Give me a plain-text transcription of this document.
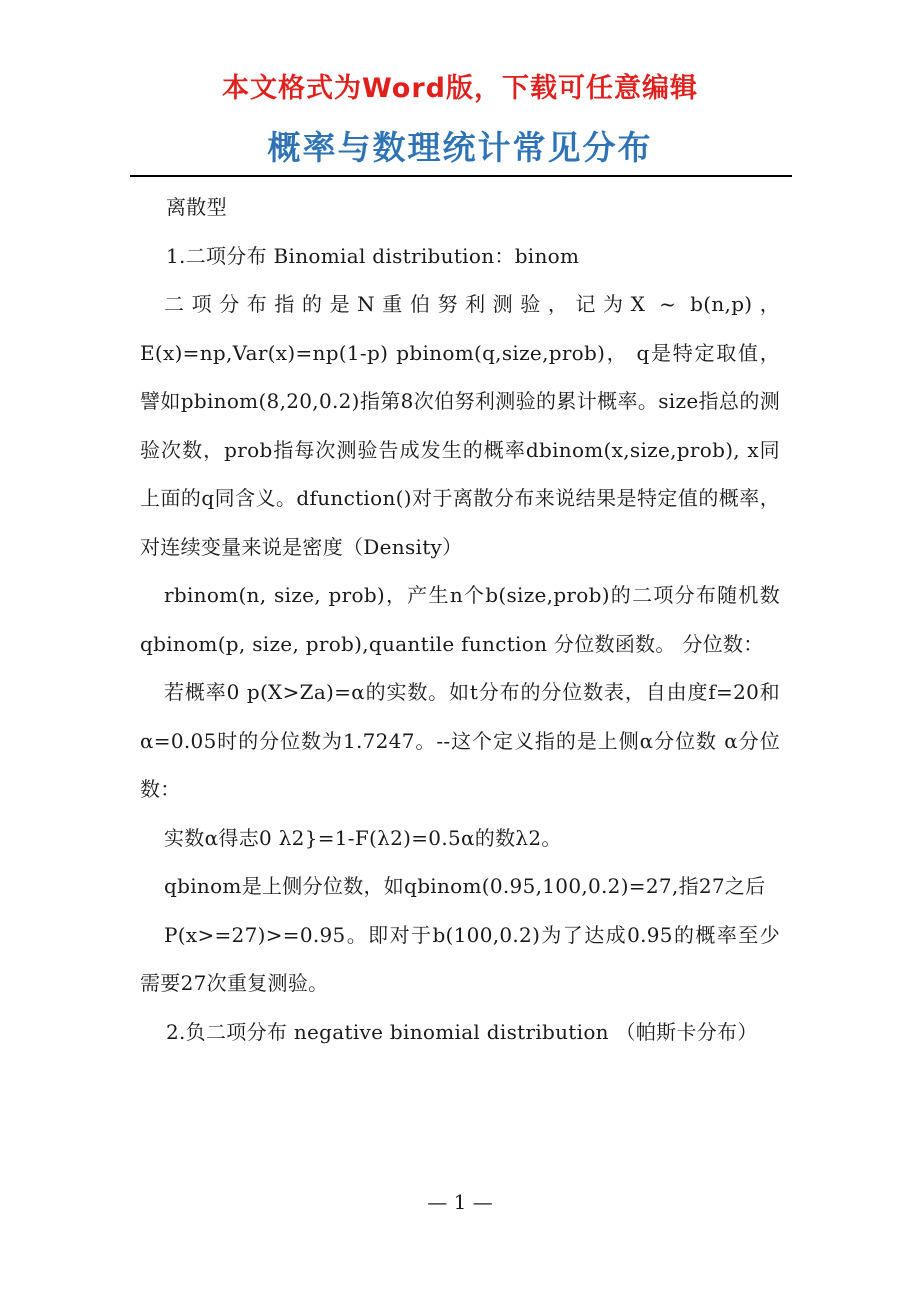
本文格式为Word版，下载可任意编辑
概率与数理统计常见分布

离散型

1.二项分布 Binomial distribution：binom

二项分布指的是N重伯努利测验，记为X ~ b(n,p)，E(x)=np,Var(x)=np(1-p) pbinom(q,size,prob)， q是特定取值，譬如pbinom(8,20,0.2)指第8次伯努利测验的累计概率。size指总的测验次数，prob指每次测验告成发生的概率dbinom(x,size,prob), x同上面的q同含义。dfunction()对于离散分布来说结果是特定值的概率，对连续变量来说是密度（Density）

rbinom(n, size, prob)，产生n个b(size,prob)的二项分布随机数 qbinom(p, size, prob),quantile function 分位数函数。 分位数：

若概率0 p(X>Za)=α的实数。如t分布的分位数表，自由度f=20和α=0.05时的分位数为1.7247。--这个定义指的是上侧α分位数 α分位数：

实数α得志0 λ2}=1-F(λ2)=0.5α的数λ2。

qbinom是上侧分位数，如qbinom(0.95,100,0.2)=27,指27之后

P(x>=27)>=0.95。即对于b(100,0.2)为了达成0.95的概率至少需要27次重复测验。

2.负二项分布 negative binomial distribution （帕斯卡分布）

— 1 —
